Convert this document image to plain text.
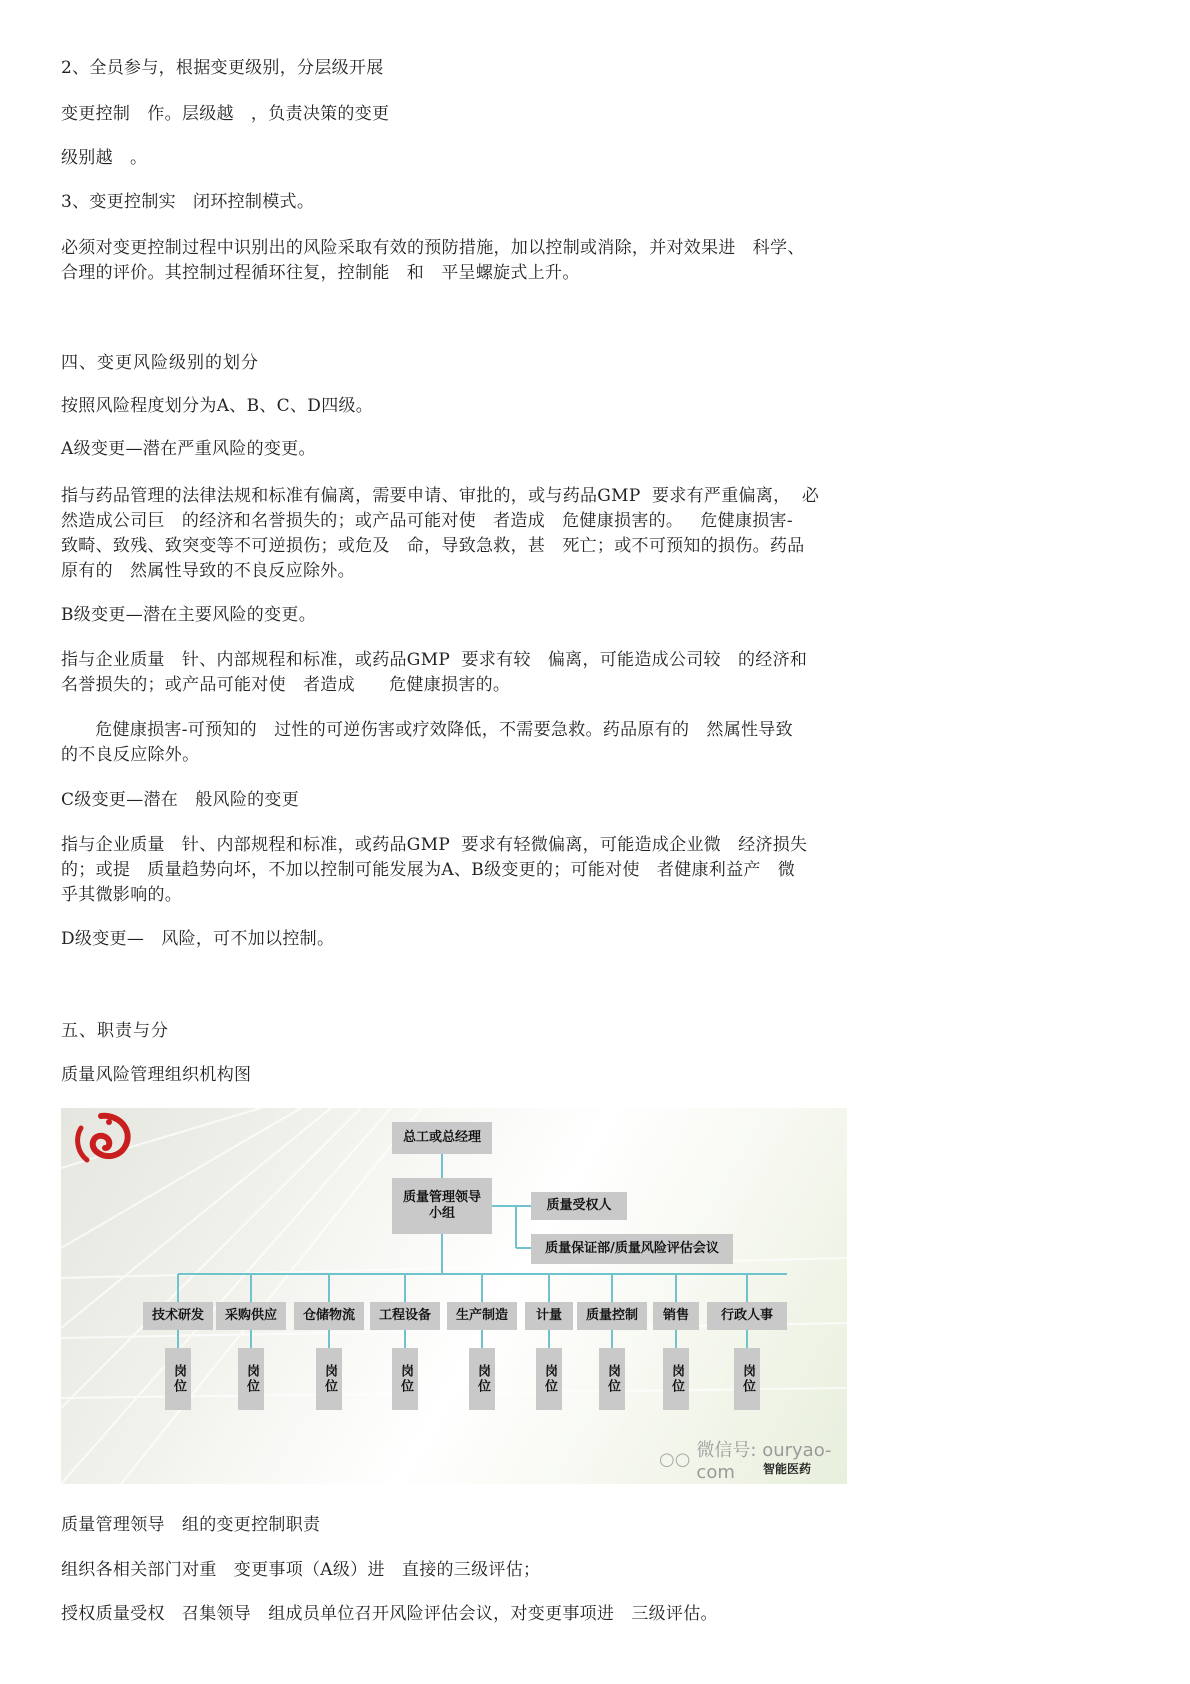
2、全员参与，根据变更级别，分层级开展

变更控制   作。层级越   ，负责决策的变更

级别越   。

3、变更控制实   闭环控制模式。

必须对变更控制过程中识别出的风险采取有效的预防措施，加以控制或消除，并对效果进   科学、
合理的评价。其控制过程循环往复，控制能   和   平呈螺旋式上升。

四、变更风险级别的划分

按照风险程度划分为A、B、C、D四级。

A级变更—潜在严重风险的变更。

指与药品管理的法律法规和标准有偏离，需要申请、审批的，或与药品GMP  要求有严重偏离，  必
然造成公司巨   的经济和名誉损失的；或产品可能对使   者造成   危健康损害的。   危健康损害-
致畸、致残、致突变等不可逆损伤；或危及   命，导致急救，甚   死亡；或不可预知的损伤。药品
原有的   然属性导致的不良反应除外。

B级变更—潜在主要风险的变更。

指与企业质量   针、内部规程和标准，或药品GMP  要求有较   偏离，可能造成公司较   的经济和
名誉损失的；或产品可能对使   者造成      危健康损害的。

危健康损害-可预知的   过性的可逆伤害或疗效降低，不需要急救。药品原有的   然属性导致
的不良反应除外。

C级变更—潜在   般风险的变更

指与企业质量   针、内部规程和标准，或药品GMP  要求有轻微偏离，可能造成企业微   经济损失
的；或提   质量趋势向坏，不加以控制可能发展为A、B级变更的；可能对使   者健康利益产   微
乎其微影响的。

D级变更—   风险，可不加以控制。

五、职责与分

质量风险管理组织机构图

总工或总经理
质量管理领导
小组
质量受权人
质量保证部/质量风险评估会议
技术研发	采购供应	仓储物流	工程设备	生产制造	计量	质量控制	销售	行政人事
岗位	岗位	岗位	岗位	岗位	岗位	岗位	岗位	岗位
○○ 微信号: ouryao-com	智能医药

质量管理领导   组的变更控制职责

组织各相关部门对重   变更事项（A级）进   直接的三级评估；

授权质量受权   召集领导   组成员单位召开风险评估会议，对变更事项进   三级评估。
